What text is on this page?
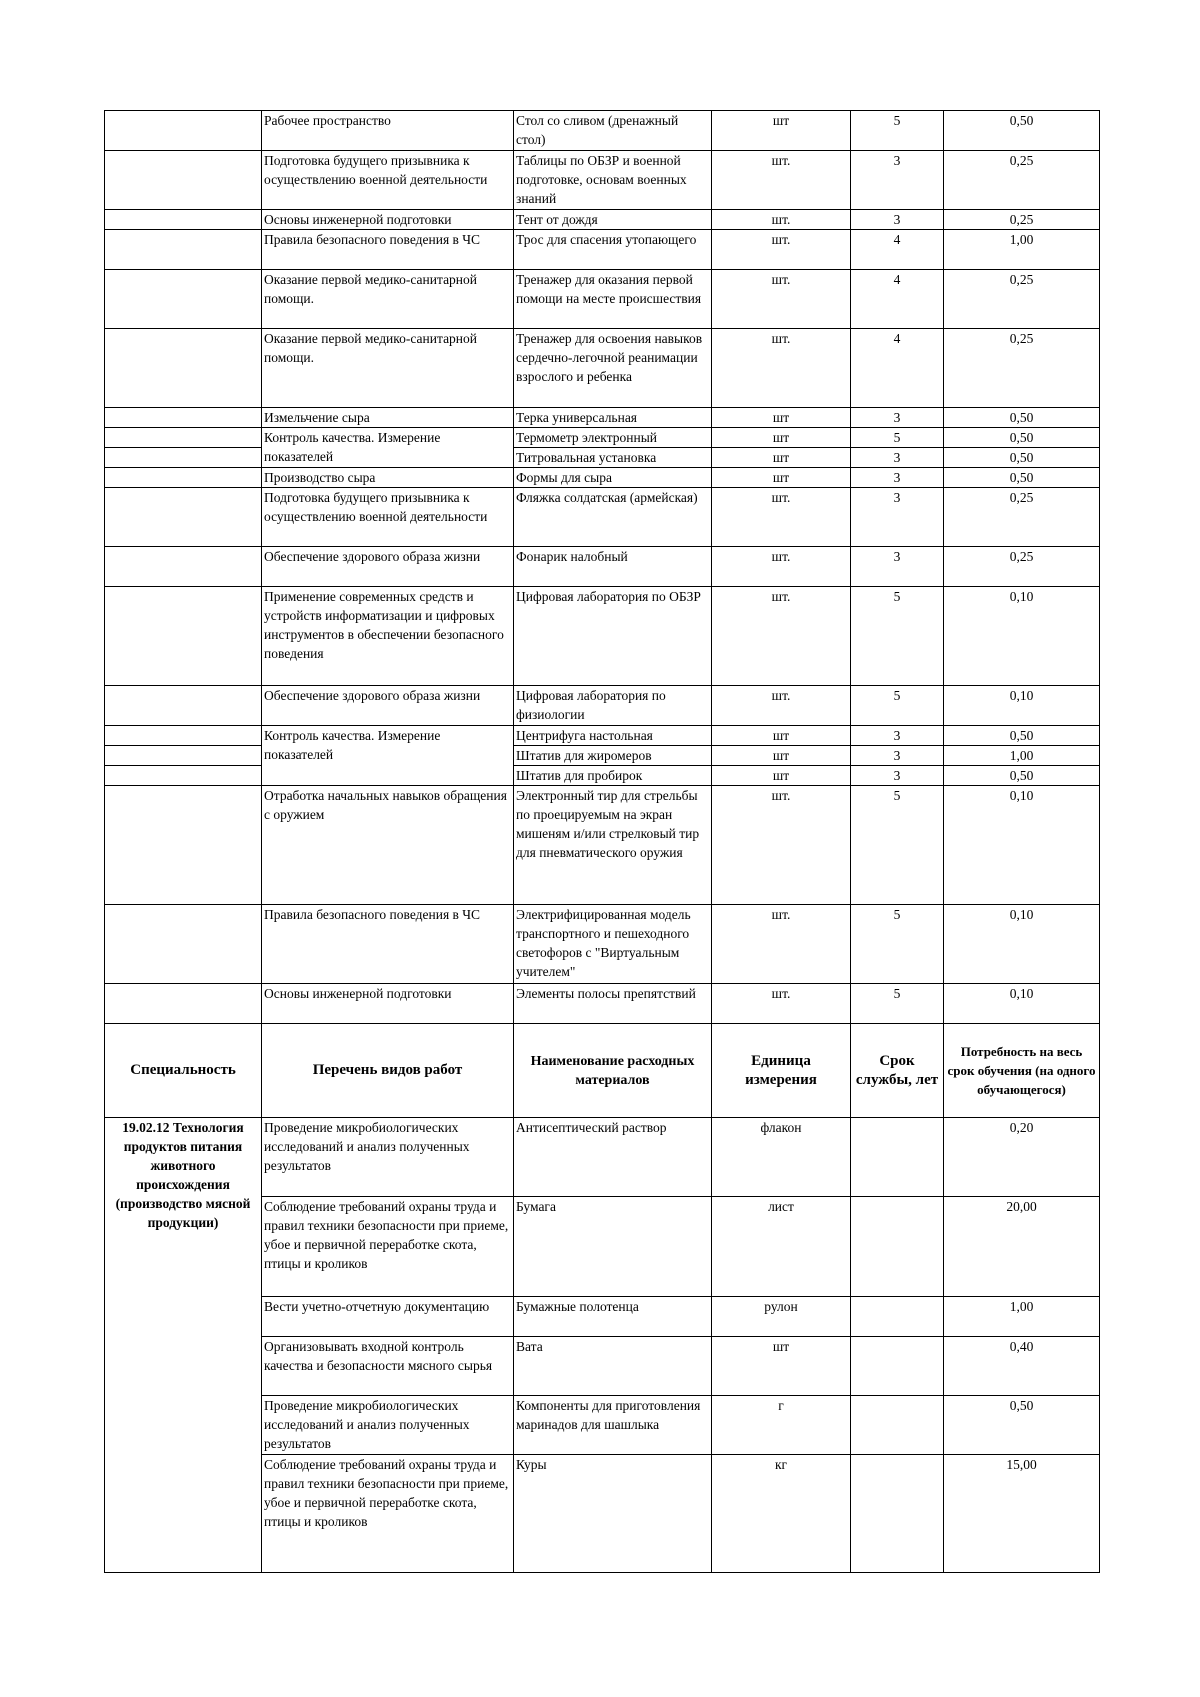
	Рабочее пространство	Стол со сливом (дренажный стол)	шт	5	0,50
	Подготовка будущего призывника к осуществлению военной деятельности	Таблицы по ОБЗР и военной подготовке, основам военных знаний	шт.	3	0,25
	Основы инженерной подготовки	Тент от дождя	шт.	3	0,25
	Правила безопасного поведения в ЧС	Трос для спасения утопающего	шт.	4	1,00
	Оказание первой медико-санитарной помощи.	Тренажер для оказания первой помощи на месте происшествия	шт.	4	0,25
	Оказание первой медико-санитарной помощи.	Тренажер для освоения навыков сердечно-легочной реанимации взрослого и ребенка	шт.	4	0,25
	Измельчение сыра	Терка универсальная	шт	3	0,50
	Контроль качества. Измерение показателей	Термометр электронный	шт	5	0,50
		Титровальная установка	шт	3	0,50
	Производство сыра	Формы для сыра	шт	3	0,50
	Подготовка будущего призывника к осуществлению военной деятельности	Фляжка солдатская (армейская)	шт.	3	0,25
	Обеспечение здорового образа жизни	Фонарик налобный	шт.	3	0,25
	Применение современных средств и устройств информатизации и цифровых инструментов в обеспечении безопасного поведения	Цифровая лаборатория по ОБЗР	шт.	5	0,10
	Обеспечение здорового образа жизни	Цифровая лаборатория по физиологии	шт.	5	0,10
	Контроль качества. Измерение показателей	Центрифуга настольная	шт	3	0,50
		Штатив для жиромеров	шт	3	1,00
		Штатив для пробирок	шт	3	0,50
	Отработка начальных навыков обращения с оружием	Электронный тир для стрельбы по проецируемым на экран мишеням и/или стрелковый тир для пневматического оружия	шт.	5	0,10
	Правила безопасного поведения в ЧС	Электрифицированная модель транспортного и пешеходного светофоров с "Виртуальным учителем"	шт.	5	0,10
	Основы инженерной подготовки	Элементы полосы препятствий	шт.	5	0,10
Специальность	Перечень видов работ	Наименование расходных материалов	Единица измерения	Срок службы, лет	Потребность на весь срок обучения (на одного обучающегося)
19.02.12 Технология продуктов питания животного происхождения (производство мясной продукции)	Проведение микробиологических исследований и анализ полученных результатов	Антисептический раствор	флакон		0,20
	Соблюдение требований охраны труда и правил техники безопасности при приеме, убое и первичной переработке скота, птицы и кроликов	Бумага	лист		20,00
	Вести учетно-отчетную документацию	Бумажные полотенца	рулон		1,00
	Организовывать входной контроль качества и безопасности мясного сырья	Вата	шт		0,40
	Проведение микробиологических исследований и анализ полученных результатов	Компоненты для приготовления маринадов для шашлыка	г		0,50
	Соблюдение требований охраны труда и правил техники безопасности при приеме, убое и первичной переработке скота, птицы и кроликов	Куры	кг		15,00
